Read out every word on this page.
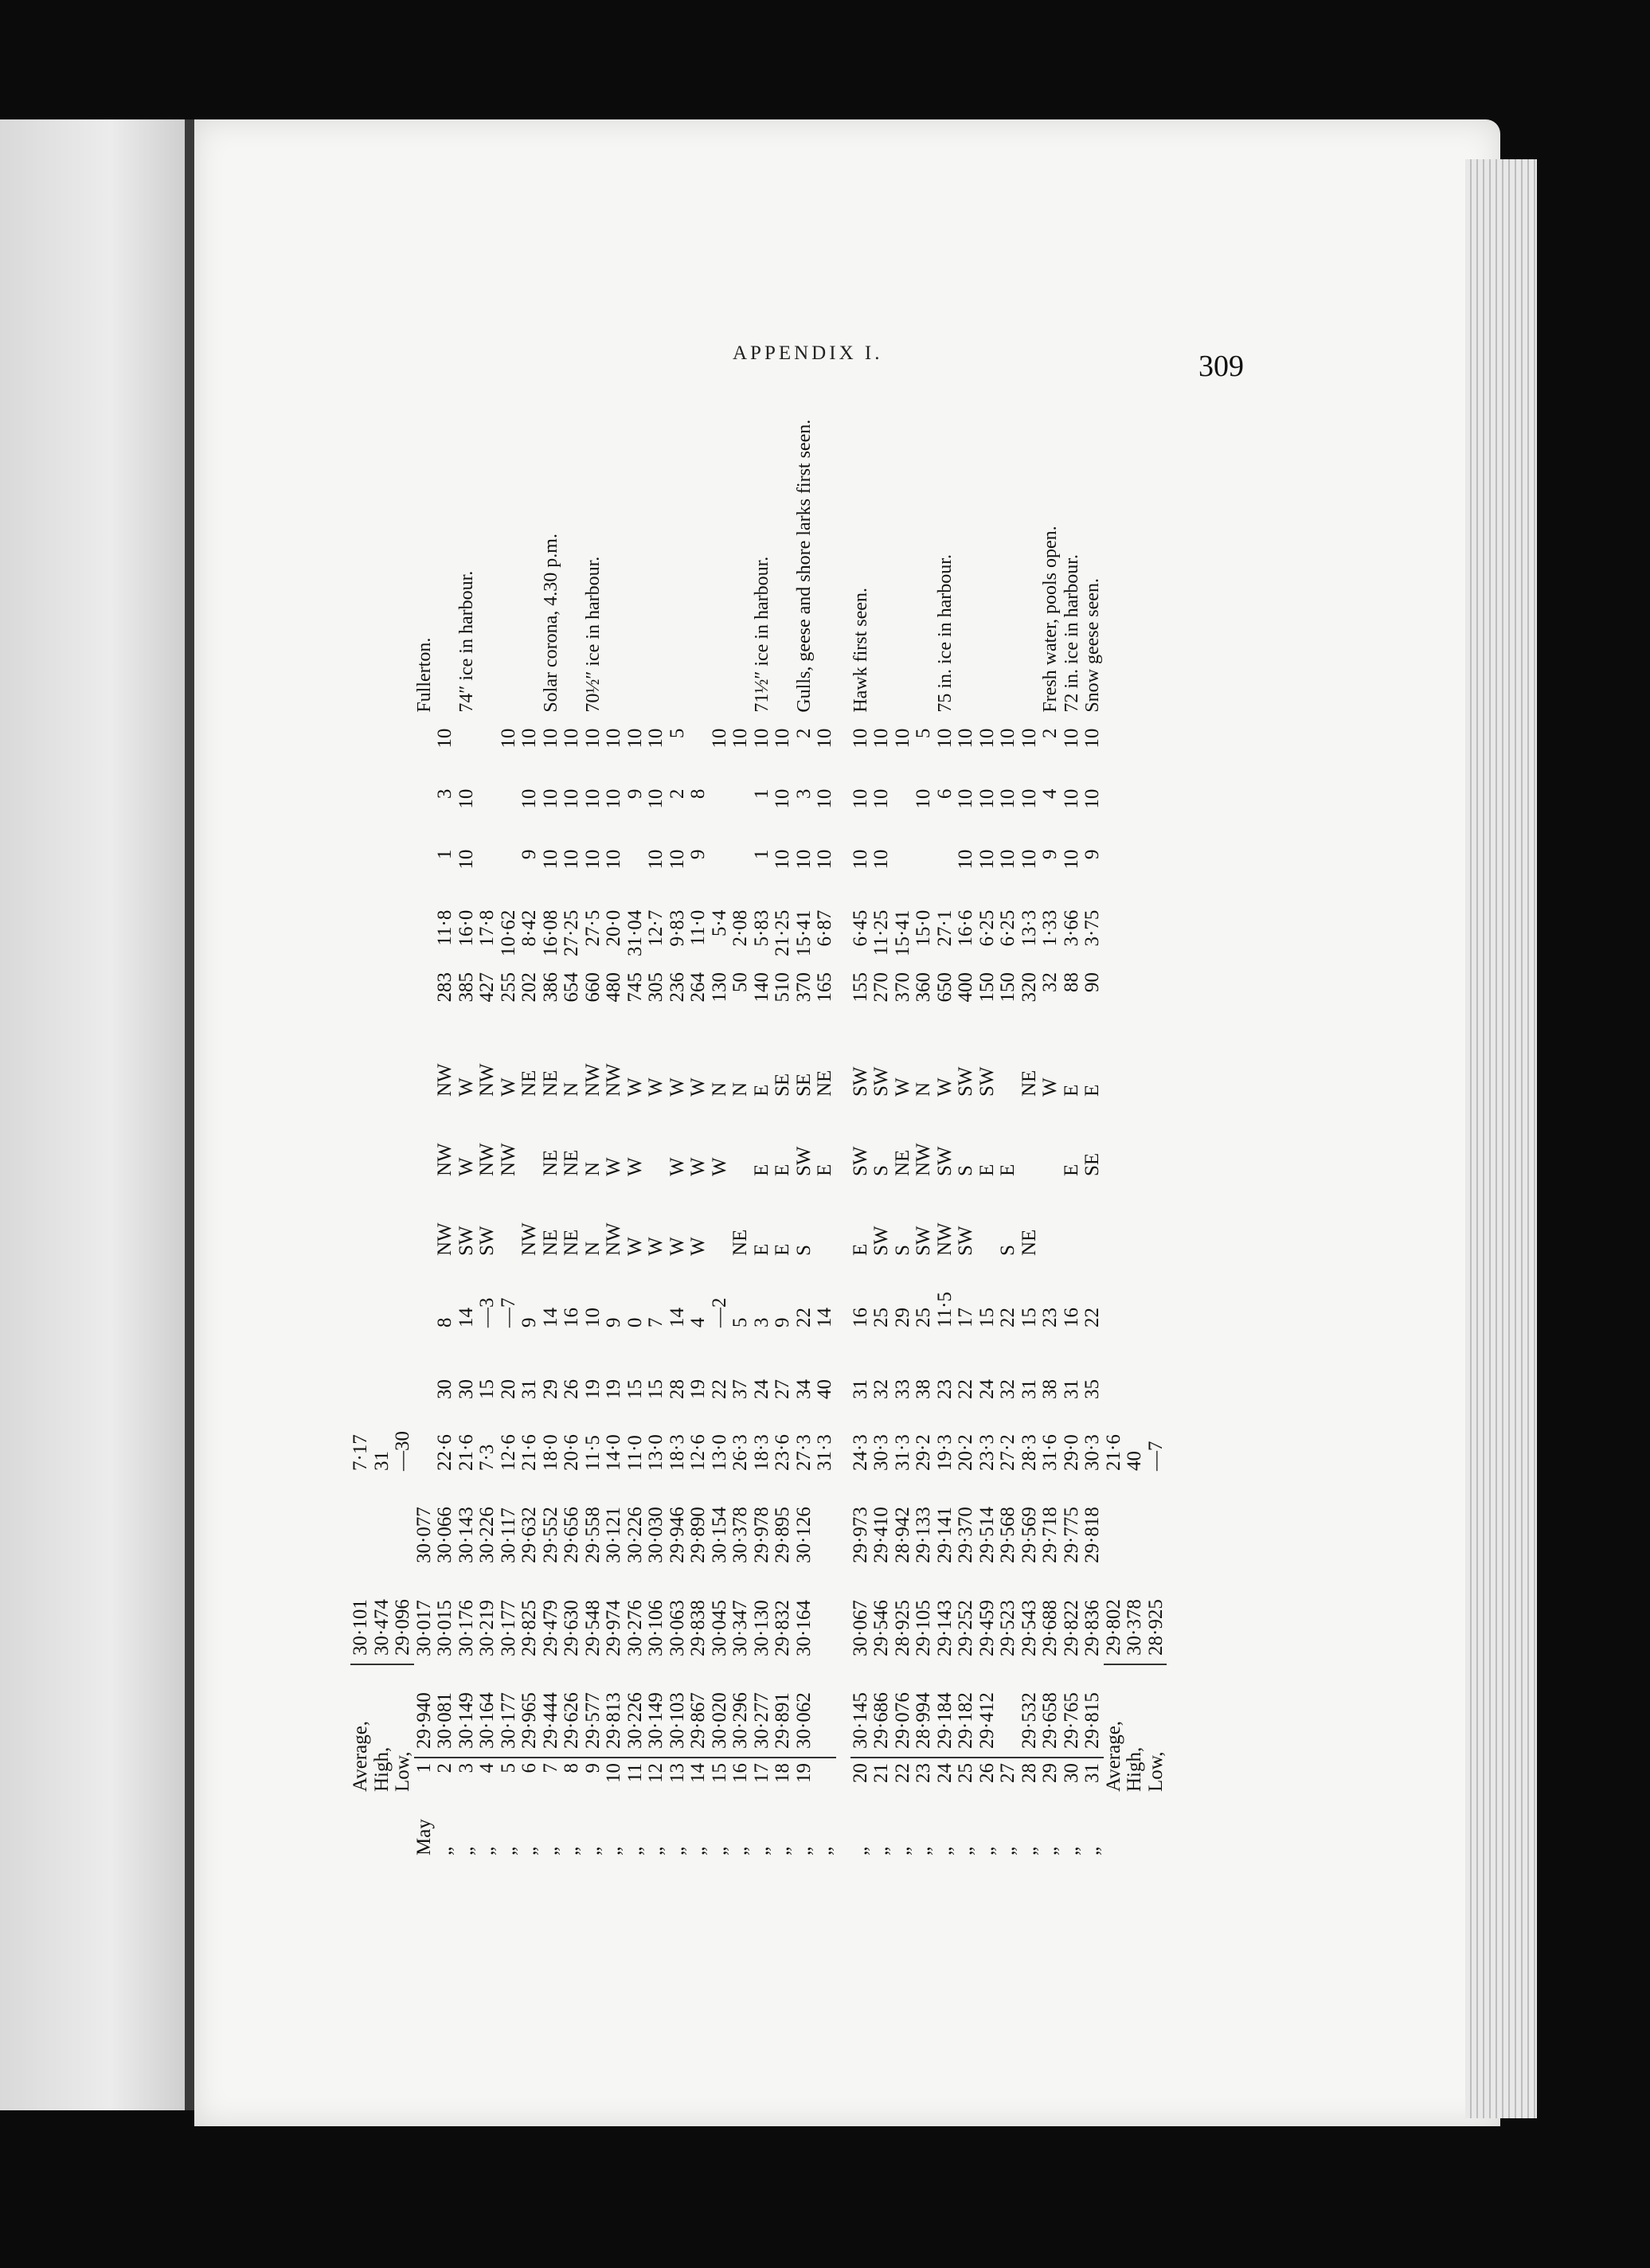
APPENDIX I.	309
	Average,		30·101		7·17											
	High,		30·474		31											
	Low,		29·096		—30											
May	1	29·940	30·017	30·077												Fullerton.
„	2	30·081	30·015	30·066	22·6	30	8	NW	NW	NW	283	11·8	1	3	10	
„	3	30·149	30·176	30·143	21·6	30	14	SW	W	W	385	16·0	10	10		74″ ice in harbour.
„	4	30·164	30·219	30·226	7·3	15	—3	SW	NW	NW	427	17·8				
„	5	30·177	30·177	30·117	12·6	20	—7		NW	W	255	10·62			10	
„	6	29·965	29·825	29·632	21·6	31	9	NW		NE	202	8·42	9	10	10	
„	7	29·444	29·479	29·552	18·0	29	14	NE	NE	NE	386	16·08	10	10	10	Solar corona, 4.30 p.m.
„	8	29·626	29·630	29·656	20·6	26	16	NE	NE	N	654	27·25	10	10	10	
„	9	29·577	29·548	29·558	11·5	19	10	N	N	NW	660	27·5	10	10	10	70½″ ice in harbour.
„	10	29·813	29·974	30·121	14·0	19	9	NW	W	NW	480	20·0	10	10	10	
„	11	30·226	30·276	30·226	11·0	15	0	W	W	W	745	31·04		9	10	
„	12	30·149	30·106	30·030	13·0	15	7	W		W	305	12·7	10	10	10	
„	13	30·103	30·063	29·946	18·3	28	14	W	W	W	236	9·83	10	2	5	
„	14	29·867	29·838	29·890	12·6	19	4	W	W	W	264	11·0	9	8		
„	15	30·020	30·045	30·154	13·0	22	—2		W	N	130	5·4			10	
„	16	30·296	30·347	30·378	26·3	37	5	NE		N	50	2·08			10	
„	17	30·277	30·130	29·978	18·3	24	3	E	E	E	140	5·83	1	1	10	71½″ ice in harbour.
„	18	29·891	29·832	29·895	23·6	27	9	E	E	SE	510	21·25	10	10	10	
„	19	30·062	30·164	30·126	27·3	34	22	S	SW	SE	370	15·41	10	3	2	Gulls, geese and shore larks first seen.
„					31·3	40	14		E	NE	165	6·87	10	10	10	

„	20	30·145	30·067	29·973	24·3	31	16	E	SW	SW	155	6·45	10	10	10	Hawk first seen.
„	21	29·686	29·546	29·410	30·3	32	25	SW	S	SW	270	11·25	10	10	10	
„	22	29·076	28·925	28·942	31·3	33	29	S	NE	W	370	15·41			10	
„	23	28·994	29·105	29·133	29·2	38	25	SW	NW	N	360	15·0		10	5	
„	24	29·184	29·143	29·141	19·3	23	11·5	NW	SW	W	650	27·1		6	10	75 in. ice in harbour.
„	25	29·182	29·252	29·370	20·2	22	17	SW	S	SW	400	16·6	10	10	10	
„	26	29·412	29·459	29·514	23·3	24	15		E	SW	150	6·25	10	10	10	
„	27		29·523	29·568	27·2	32	22	S	E		150	6·25	10	10	10	
„	28	29·532	29·543	29·569	28·3	31	15	NE		NE	320	13·3	10	10	10	
„	29	29·658	29·688	29·718	31·6	38	23			W	32	1·33	9	4	2	Fresh water, pools open.
„	30	29·765	29·822	29·775	29·0	31	16		E	E	88	3·66	10	10	10	72 in. ice in harbour.
„	31	29·815	29·836	29·818	30·3	35	22		SE	E	90	3·75	9	10	10	Snow geese seen.
	Average,		29·802		21·6											
	High,		30·378		40											
	Low,		28·925		—7											
